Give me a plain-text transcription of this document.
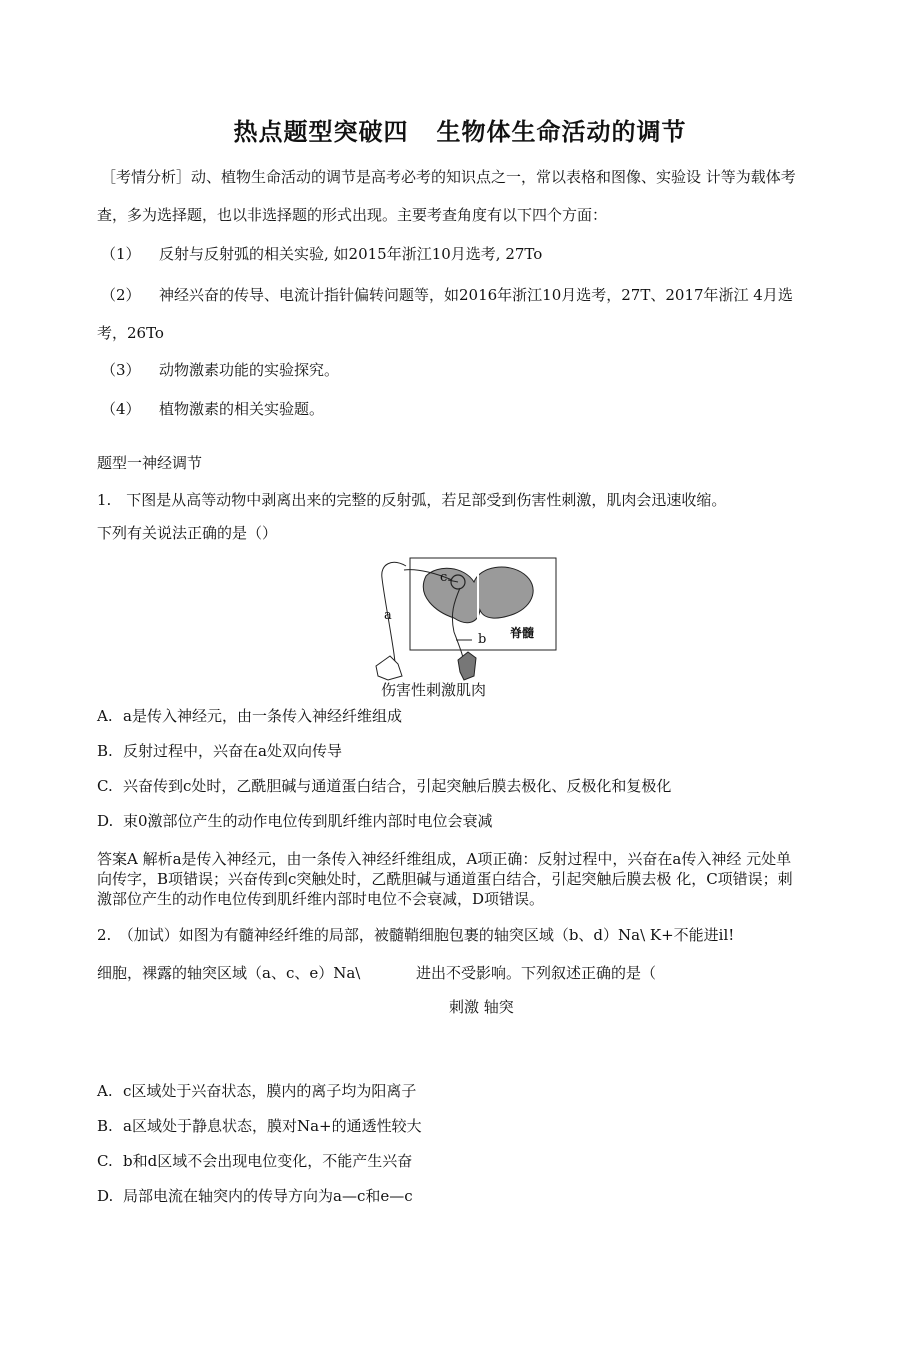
热点题型突破四 生物体生命活动的调节
［考情分析］动、植物生命活动的调节是高考必考的知识点之一，常以表格和图像、实验设 计等为载体考
查，多为选择题，也以非选择题的形式出现。主要考查角度有以下四个方面：
（1） 反射与反射弧的相关实验, 如2015年浙江10月选考, 27To
（2） 神经兴奋的传导、电流计指针偏转问题等，如2016年浙江10月选考，27T、2017年浙江 4月选
考，26To
（3） 动物激素功能的实验探究。
（4） 植物激素的相关实验题。
题型一神经调节
1.　下图是从高等动物中剥离出来的完整的反射弧，若足部受到伤害性刺激，肌肉会迅速收缩。
下列有关说法正确的是（）
a
b
c
脊髓
伤害性刺激肌肉
A. a是传入神经元，由一条传入神经纤维组成
B. 反射过程中，兴奋在a处双向传导
C. 兴奋传到c处时，乙酰胆碱与通道蛋白结合，引起突触后膜去极化、反极化和复极化
D. 束0激部位产生的动作电位传到肌纤维内部时电位会衰减
答案A 解析a是传入神经元，由一条传入神经纤维组成，A项正确：反射过程中，兴奋在a传入神经 元处单
向传字，B项错误；兴奋传到c突触处时，乙酰胆碱与通道蛋白结合，引起突触后膜去极 化，C项错误；刺
激部位产生的动作电位传到肌纤维内部时电位不会衰减，D项错误。
2.　（加试）如图为有髓神经纤维的局部，被髓鞘细胞包裹的轴突区域（b、d）Na\ K+不能进il!
细胞，裸露的轴突区域（a、c、e）Na\	进出不受影响。下列叙述正确的是（
刺激 轴突
A. c区域处于兴奋状态，膜内的离子均为阳离子
B. a区域处于静息状态，膜对Na+的通透性较大
C. b和d区域不会出现电位变化，不能产生兴奋
D. 局部电流在轴突内的传导方向为a—c和e—c
